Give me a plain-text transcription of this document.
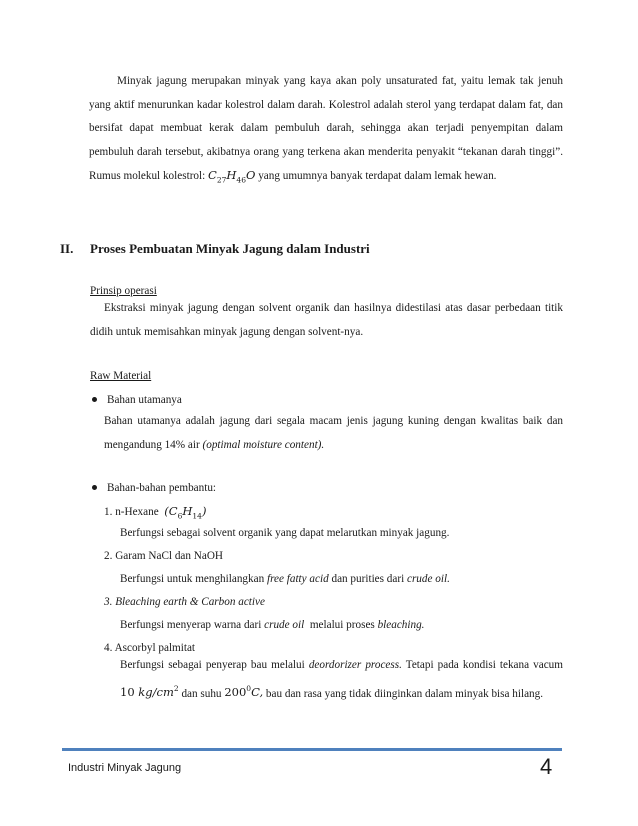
Minyak jagung merupakan minyak yang kaya akan poly unsaturated fat, yaitu lemak tak jenuh yang aktif menurunkan kadar kolestrol dalam darah. Kolestrol adalah sterol yang terdapat dalam fat, dan bersifat dapat membuat kerak dalam pembuluh darah, sehingga akan terjadi penyempitan dalam pembuluh darah tersebut, akibatnya orang yang terkena akan menderita penyakit “tekanan darah tinggi”. Rumus molekul kolestrol: $C_{27}H_{46}O$ yang umumnya banyak terdapat dalam lemak hewan.
II. Proses Pembuatan Minyak Jagung dalam Industri
Prinsip operasi
Ekstraksi minyak jagung dengan solvent organik dan hasilnya didestilasi atas dasar perbedaan titik didih untuk memisahkan minyak jagung dengan solvent-nya.
Raw Material
Bahan utamanya
Bahan utamanya adalah jagung dari segala macam jenis jagung kuning dengan kwalitas baik dan mengandung 14% air (optimal moisture content).
Bahan-bahan pembantu:
1. n-Hexane $(C_6H_{14})$
Berfungsi sebagai solvent organik yang dapat melarutkan minyak jagung.
2. Garam NaCl dan NaOH
Berfungsi untuk menghilangkan free fatty acid dan purities dari crude oil.
3. Bleaching earth & Carbon active
Berfungsi menyerap warna dari crude oil melalui proses bleaching.
4. Ascorbyl palmitat
Berfungsi sebagai penyerap bau melalui deordorizer process. Tetapi pada kondisi tekana vacum 10 $kg/cm^2$ dan suhu $200^0C$, bau dan rasa yang tidak diinginkan dalam minyak bisa hilang.
Industri Minyak Jagung	4
